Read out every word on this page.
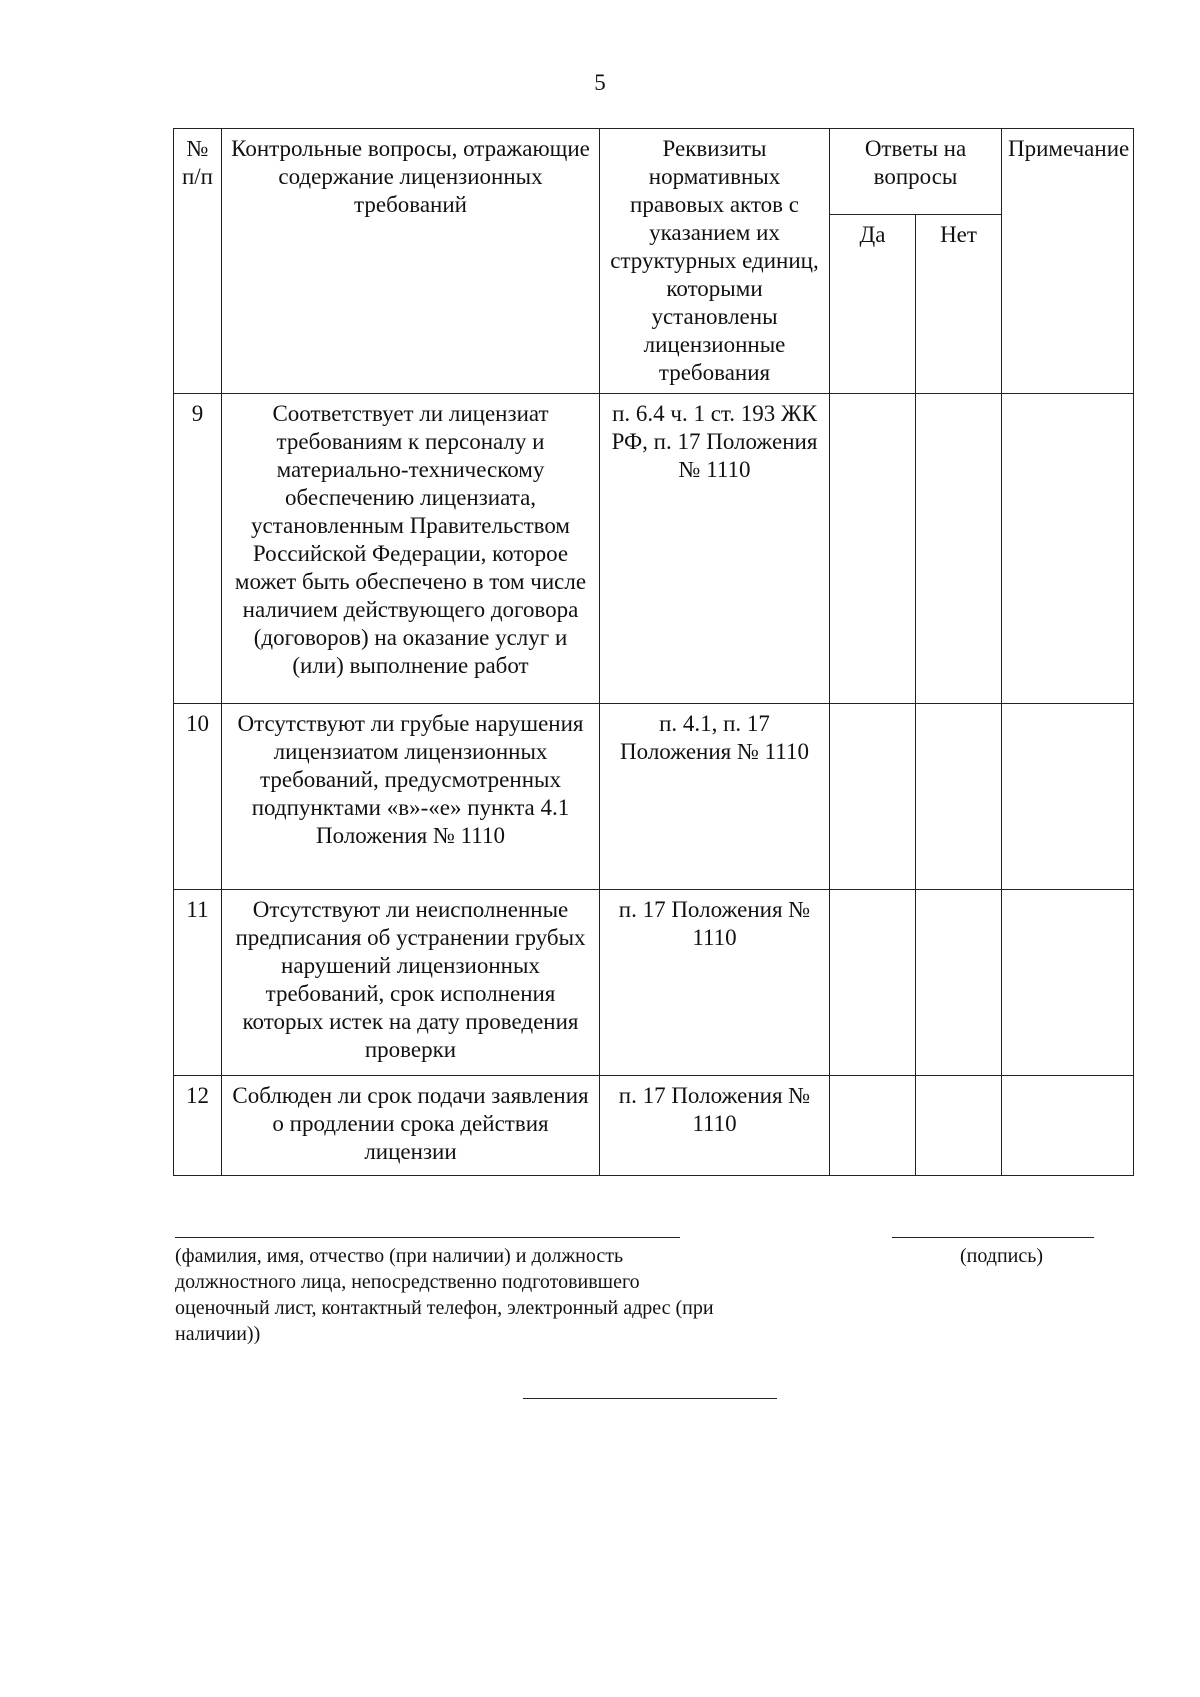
5
№ п/п	Контрольные вопросы, отражающие содержание лицензионных требований	Реквизиты нормативных правовых актов с указанием их структурных единиц, которыми установлены лицензионные требования	Ответы на вопросы		Примечание
			Да	Нет	
9	Соответствует ли лицензиат требованиям к персоналу и материально-техническому обеспечению лицензиата, установленным Правительством Российской Федерации, которое может быть обеспечено в том числе наличием действующего договора (договоров) на оказание услуг и (или) выполнение работ	п. 6.4 ч. 1 ст. 193 ЖК РФ, п. 17 Положения № 1110			
10	Отсутствуют ли грубые нарушения лицензиатом лицензионных требований, предусмотренных подпунктами «в»-«е» пункта 4.1 Положения № 1110	п. 4.1, п. 17 Положения № 1110			
11	Отсутствуют ли неисполненные предписания об устранении грубых нарушений лицензионных требований, срок исполнения которых истек на дату проведения проверки	п. 17 Положения № 1110			
12	Соблюден ли срок подачи заявления о продлении срока действия лицензии	п. 17 Положения № 1110			
(фамилия, имя, отчество (при наличии) и должность должностного лица, непосредственно подготовившего оценочный лист, контактный телефон, электронный адрес (при наличии))
(подпись)
